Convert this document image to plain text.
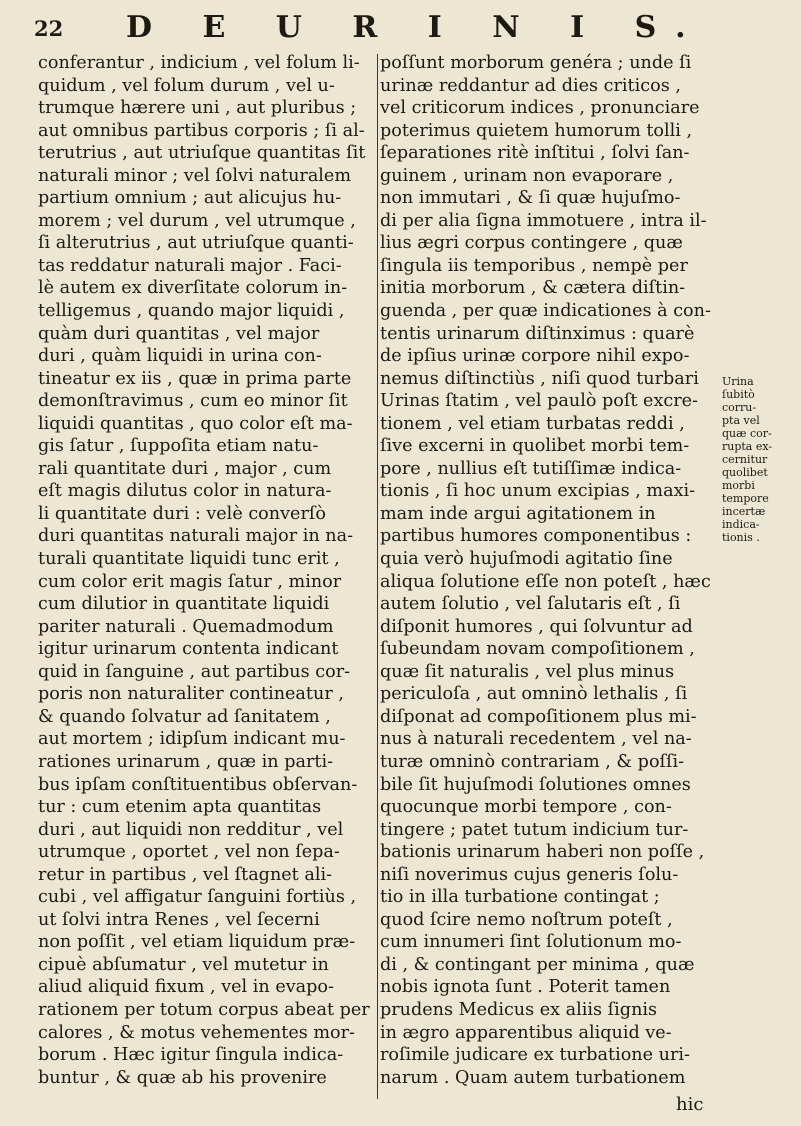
22 D E U R I N I S.
conferantur , indicium , vel folum li-
quidum , vel folum durum , vel u-
trumque hærere uni , aut pluribus ;
aut omnibus partibus corporis ; ſi al-
terutrius , aut utriuſque quantitas ſit
naturali minor ; vel ſolvi naturalem
partium omnium ; aut alicujus hu-
morem ; vel durum , vel utrumque ,
ſi alterutrius , aut utriuſque quanti-
tas reddatur naturali major . Faci-
lè autem ex diverſitate colorum in-
telligemus , quando major liquidi ,
quàm duri quantitas , vel major
duri , quàm liquidi in urina con-
tineatur ex iis , quæ in prima parte
demonſtravimus , cum eo minor ſit
liquidi quantitas , quo color eſt ma-
gis ſatur , ſuppoſita etiam natu-
rali quantitate duri , major , cum
eſt magis dilutus color in natura-
li quantitate duri : velè converſò
duri quantitas naturali major in na-
turali quantitate liquidi tunc erit ,
cum color erit magis ſatur , minor
cum dilutior in quantitate liquidi
pariter naturali . Quemadmodum
igitur urinarum contenta indicant
quid in ſanguine , aut partibus cor-
poris non naturaliter contineatur ,
& quando ſolvatur ad ſanitatem ,
aut mortem ; idipſum indicant mu-
rationes urinarum , quæ in parti-
bus ipſam conſtituentibus obſervan-
tur : cum etenim apta quantitas
duri , aut liquidi non redditur , vel
utrumque , oportet , vel non ſepa-
retur in partibus , vel ſtagnet ali-
cubi , vel affigatur ſanguini fortiùs ,
ut ſolvi intra Renes , vel ſecerni
non poſſit , vel etiam liquidum præ-
cipuè abſumatur , vel mutetur in
aliud aliquid fixum , vel in evapo-
rationem per totum corpus abeat per
calores , & motus vehementes mor-
borum . Hæc igitur ſingula indica-
buntur , & quæ ab his provenire
poſſunt morborum genéra ; unde ſi
urinæ reddantur ad dies criticos ,
vel criticorum indices , pronunciare
poterimus quietem humorum tolli ,
ſeparationes ritè inſtitui , ſolvi ſan-
guinem , urinam non evaporare ,
non immutari , & ſi quæ hujuſmo-
di per alia ſigna immotuere , intra il-
lius ægri corpus contingere , quæ
ſingula iis temporibus , nempè per
initia morborum , & cætera diſtin-
guenda , per quæ indicationes à con-
tentis urinarum diſtinximus : quarè
de ipſius urinæ corpore nihil expo-
nemus diſtinctiùs , niſi quod turbari
Urinas ſtatim , vel paulò poſt excre-
tionem , vel etiam turbatas reddi ,
ſive excerni in quolibet morbi tem-
pore , nullius eſt tutiſſimæ indica-
tionis , ſi hoc unum excipias , maxi-
mam inde argui agitationem in
partibus humores componentibus :
quia verò hujuſmodi agitatio ſine
aliqua ſolutione eſſe non poteſt , hæc
autem ſolutio , vel ſalutaris eſt , ſi
diſponit humores , qui ſolvuntur ad
ſubeundam novam compoſitionem ,
quæ ſit naturalis , vel plus minus
periculoſa , aut omninò lethalis , ſi
diſponat ad compoſitionem plus mi-
nus à naturali recedentem , vel na-
turæ omninò contrariam , & poſſi-
bile ſit hujuſmodi ſolutiones omnes
quocunque morbi tempore , con-
tingere ; patet tutum indicium tur-
bationis urinarum haberi non poſſe ,
niſi noverimus cujus generis ſolu-
tio in illa turbatione contingat ;
quod ſcire nemo noſtrum poteſt ,
cum innumeri ſint ſolutionum mo-
di , & contingant per minima , quæ
nobis ignota ſunt . Poterit tamen
prudens Medicus ex aliis ſignis
in ægro apparentibus aliquid ve-
roſimile judicare ex turbatione uri-
narum . Quam autem turbationem
Urina
ſubitò
corru-
pta vel
quæ cor-
rupta ex-
cernitur
quolibet
morbi
tempore
incertæ
indica-
tionis .
hic
